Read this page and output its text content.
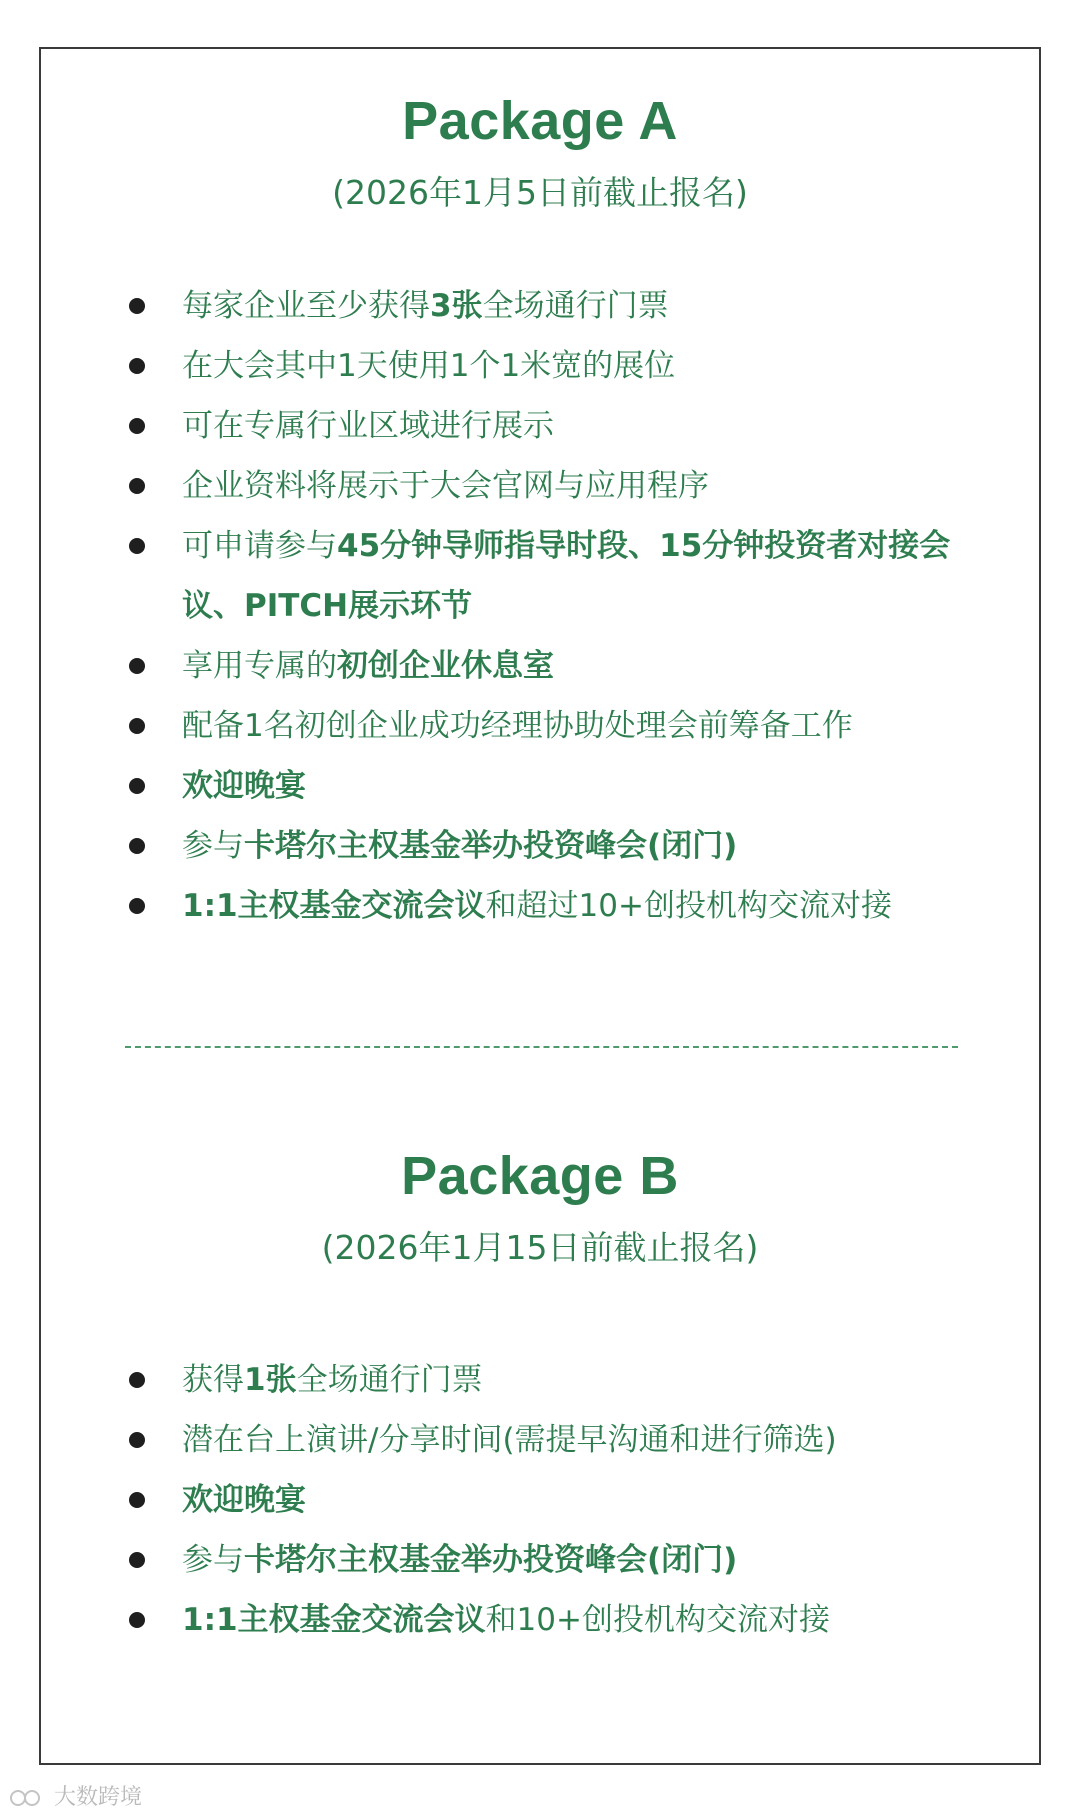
Package A
(2026年1月5日前截止报名)
每家企业至少获得3张全场通行门票
在大会其中1天使用1个1米宽的展位
可在专属行业区域进行展示
企业资料将展示于大会官网与应用程序
可申请参与45分钟导师指导时段、15分钟投资者对接会议、PITCH展示环节
享用专属的初创企业休息室
配备1名初创企业成功经理协助处理会前筹备工作
欢迎晚宴
参与卡塔尔主权基金举办投资峰会(闭门)
1:1主权基金交流会议和超过10+创投机构交流对接
Package B
(2026年1月15日前截止报名)
获得1张全场通行门票
潜在台上演讲/分享时间(需提早沟通和进行筛选)
欢迎晚宴
参与卡塔尔主权基金举办投资峰会(闭门)
1:1主权基金交流会议和10+创投机构交流对接
大数跨境
